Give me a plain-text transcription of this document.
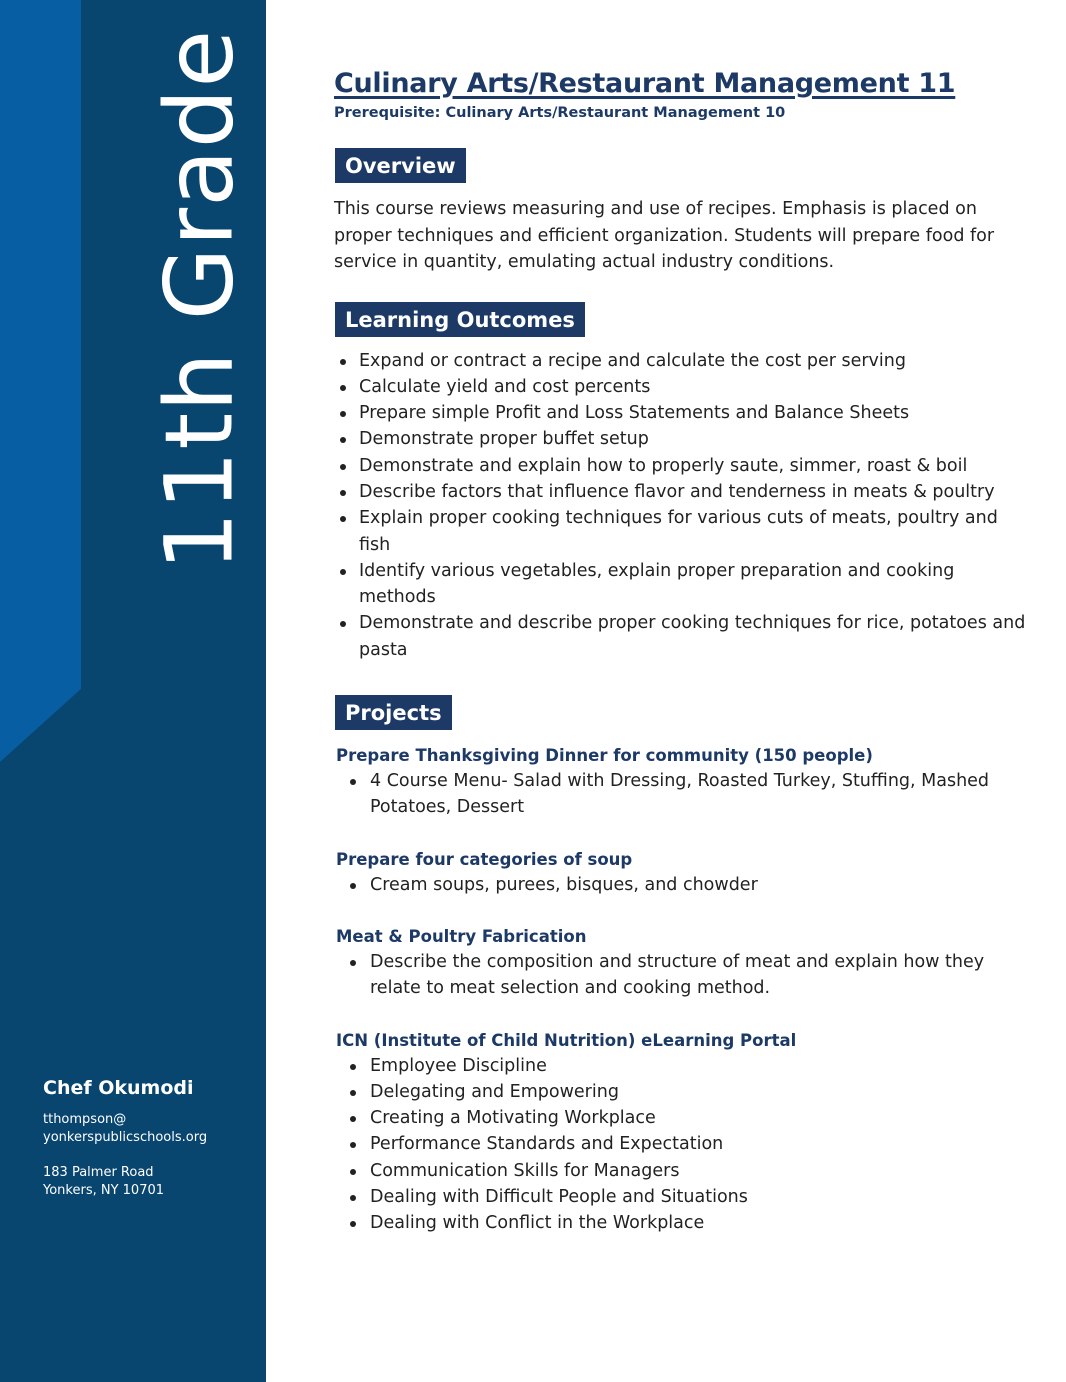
11th Grade
Chef Okumodi
tthompson@
yonkerspublicschools.org
183 Palmer Road
Yonkers, NY 10701
Culinary Arts/Restaurant Management 11
Prerequisite: Culinary Arts/Restaurant Management 10
Overview

This course reviews measuring and use of recipes. Emphasis is placed on proper techniques and efficient organization. Students will prepare food for service in quantity, emulating actual industry conditions.

Learning Outcomes
Expand or contract a recipe and calculate the cost per serving
Calculate yield and cost percents
Prepare simple Profit and Loss Statements and Balance Sheets
Demonstrate proper buffet setup
Demonstrate and explain how to properly saute, simmer, roast & boil
Describe factors that influence flavor and tenderness in meats & poultry
Explain proper cooking techniques for various cuts of meats, poultry and fish
Identify various vegetables, explain proper preparation and cooking methods
Demonstrate and describe proper cooking techniques for rice, potatoes and pasta
Projects
Prepare Thanksgiving Dinner for community (150 people)
4 Course Menu- Salad with Dressing, Roasted Turkey, Stuffing, Mashed Potatoes, Dessert
Prepare four categories of soup
Cream soups, purees, bisques, and chowder
Meat & Poultry Fabrication
Describe the composition and structure of meat and explain how they relate to meat selection and cooking method.
ICN (Institute of Child Nutrition) eLearning Portal
Employee Discipline
Delegating and Empowering
Creating a Motivating Workplace
Performance Standards and Expectation
Communication Skills for Managers
Dealing with Difficult People and Situations
Dealing with Conflict in the Workplace
